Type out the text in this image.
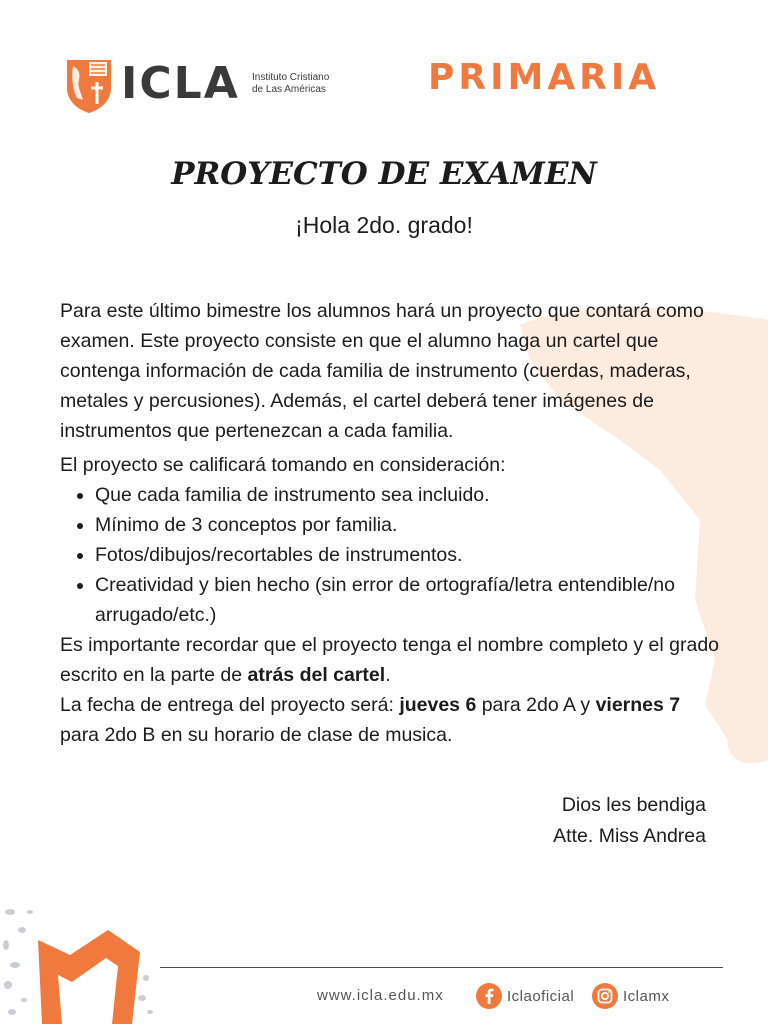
ICLA Instituto Cristiano
de Las Américas	PRIMARIA
PROYECTO DE EXAMEN

¡Hola 2do. grado!

Para este último bimestre los alumnos hará un proyecto que contará como examen. Este proyecto consiste en que el alumno haga un cartel que contenga información de cada familia de instrumento (cuerdas, maderas, metales y percusiones). Además, el cartel deberá tener imágenes de instrumentos que pertenezcan a cada familia.

El proyecto se calificará tomando en consideración:

• Que cada familia de instrumento sea incluido.
• Mínimo de 3 conceptos por familia.
• Fotos/dibujos/recortables de instrumentos.
• Creatividad y bien hecho (sin error de ortografía/letra entendible/no arrugado/etc.)

Es importante recordar que el proyecto tenga el nombre completo y el grado escrito en la parte de atrás del cartel.

La fecha de entrega del proyecto será: jueves 6 para 2do A y viernes 7 para 2do B en su horario de clase de musica.

Dios les bendiga
Atte. Miss Andrea
www.icla.edu.mx	Iclaoficial	Iclamx
